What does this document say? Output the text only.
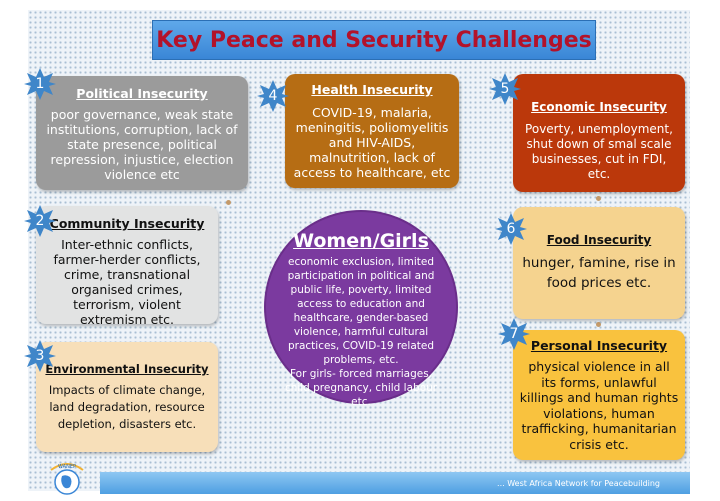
Key Peace and Security Challenges
Political Insecurity
poor governance, weak state institutions, corruption, lack of state presence, political repression, injustice, election violence etc
Community Insecurity
Inter-ethnic conflicts, farmer-herder conflicts, crime, transnational organised crimes, terrorism, violent extremism etc.
Environmental Insecurity
Impacts of climate change, land degradation, resource depletion, disasters etc.
Health Insecurity
COVID-19, malaria, meningitis, poliomyelitis and HIV-AIDS, malnutrition, lack of access to healthcare, etc
Economic Insecurity
Poverty, unemployment, shut down of smal scale businesses, cut in FDI, etc.
Food Insecurity
hunger, famine, rise in food prices etc.
Personal Insecurity
physical violence in all its forms, unlawful killings and human rights violations, human trafficking, humanitarian crisis etc.
Women/Girls
economic exclusion, limited participation in political and public life, poverty, limited access to education and healthcare, gender-based violence, harmful cultural practices, COVID-19 related problems, etc.
For girls- forced marriages, child pregnancy, child labour etc.
1
2
3
4	5
6
7
... West Africa Network for Peacebuilding
WANEP
